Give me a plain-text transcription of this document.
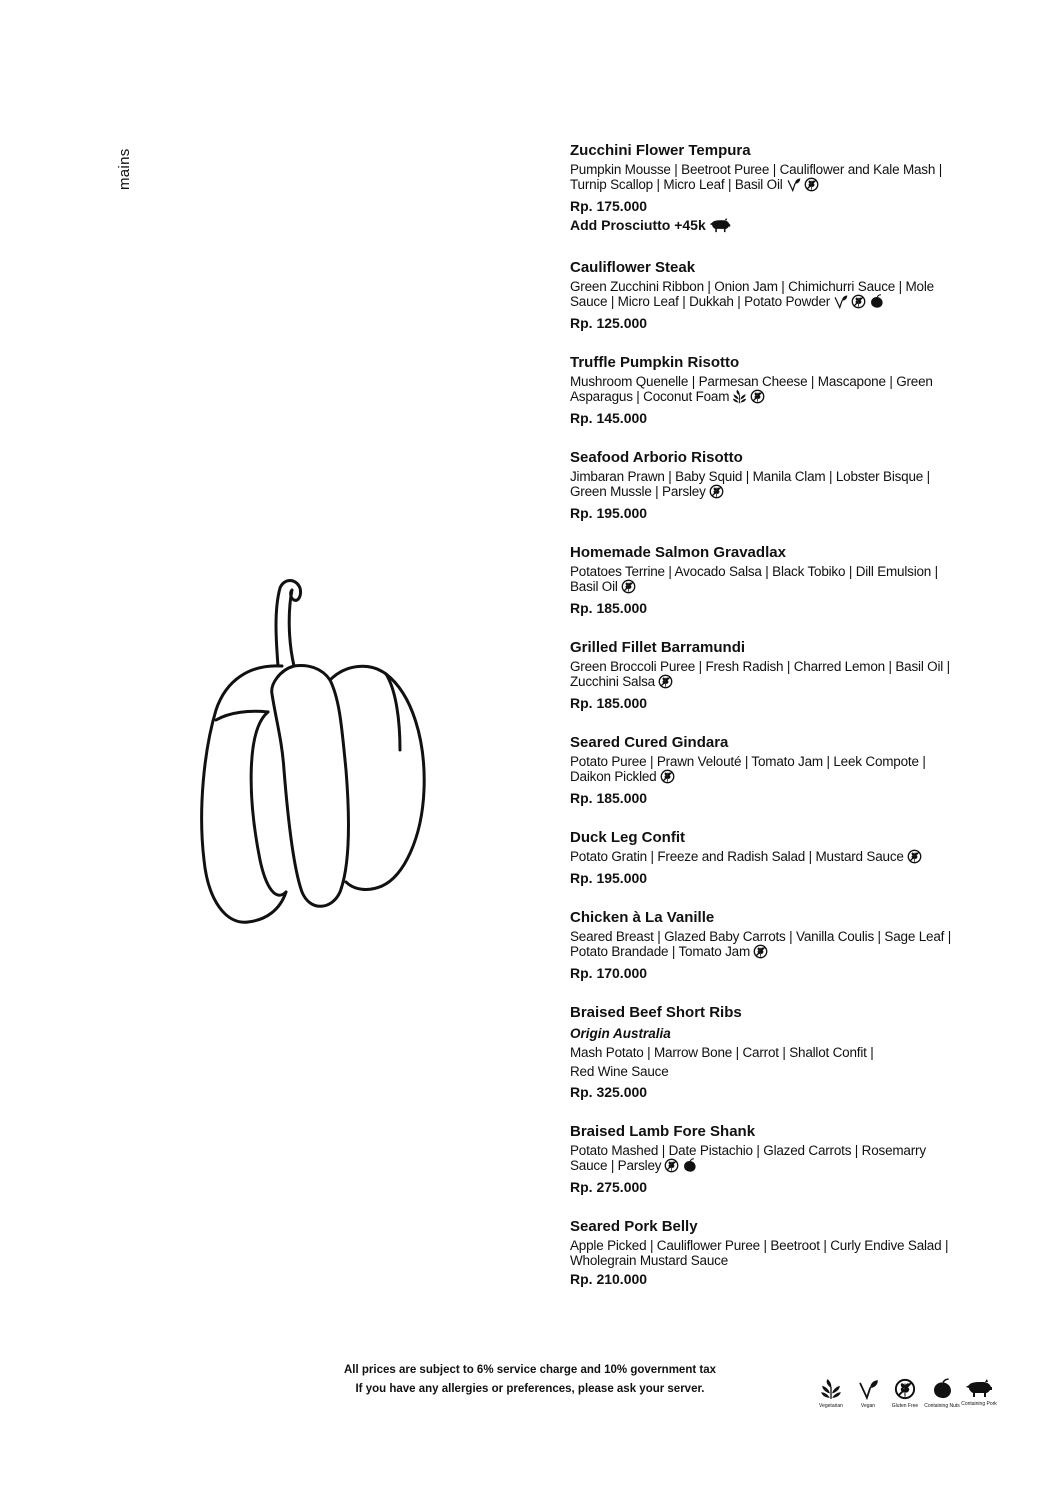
mains	Zucchini Flower Tempura
Pumpkin Mousse | Beetroot Puree | Cauliflower and Kale Mash |
Turnip Scallop | Micro Leaf | Basil Oil
Rp. 175.000
Add Prosciutto +45k
Cauliflower Steak
Green Zucchini Ribbon | Onion Jam | Chimichurri Sauce | Mole
Sauce | Micro Leaf | Dukkah | Potato Powder
Rp. 125.000
Truffle Pumpkin Risotto
Mushroom Quenelle | Parmesan Cheese | Mascapone | Green
Asparagus | Coconut Foam
Rp. 145.000
Seafood Arborio Risotto
Jimbaran Prawn | Baby Squid | Manila Clam | Lobster Bisque |
Green Mussle | Parsley
Rp. 195.000
Homemade Salmon Gravadlax
Potatoes Terrine | Avocado Salsa | Black Tobiko | Dill Emulsion |
Basil Oil
Rp. 185.000
Grilled Fillet Barramundi
Green Broccoli Puree | Fresh Radish | Charred Lemon | Basil Oil |
Zucchini Salsa
Rp. 185.000
Seared Cured Gindara
Potato Puree | Prawn Velouté | Tomato Jam | Leek Compote |
Daikon Pickled
Rp. 185.000
Duck Leg Confit
Potato Gratin | Freeze and Radish Salad | Mustard Sauce
Rp. 195.000
Chicken à La Vanille
Seared Breast | Glazed Baby Carrots | Vanilla Coulis | Sage Leaf |
Potato Brandade | Tomato Jam
Rp. 170.000
Braised Beef Short Ribs
Origin Australia
Mash Potato | Marrow Bone | Carrot | Shallot Confit |
Red Wine Sauce
Rp. 325.000
Braised Lamb Fore Shank
Potato Mashed | Date Pistachio | Glazed Carrots | Rosemarry
Sauce | Parsley
Rp. 275.000
Seared Pork Belly
Apple Picked | Cauliflower Puree | Beetroot | Curly Endive Salad |
Wholegrain Mustard Sauce
Rp. 210.000
All prices are subject to 6% service charge and 10% government tax
If you have any allergies or preferences, please ask your server.
Vegetarian	Vegan	Gluten Free	Containing Nuts Containing Pork
